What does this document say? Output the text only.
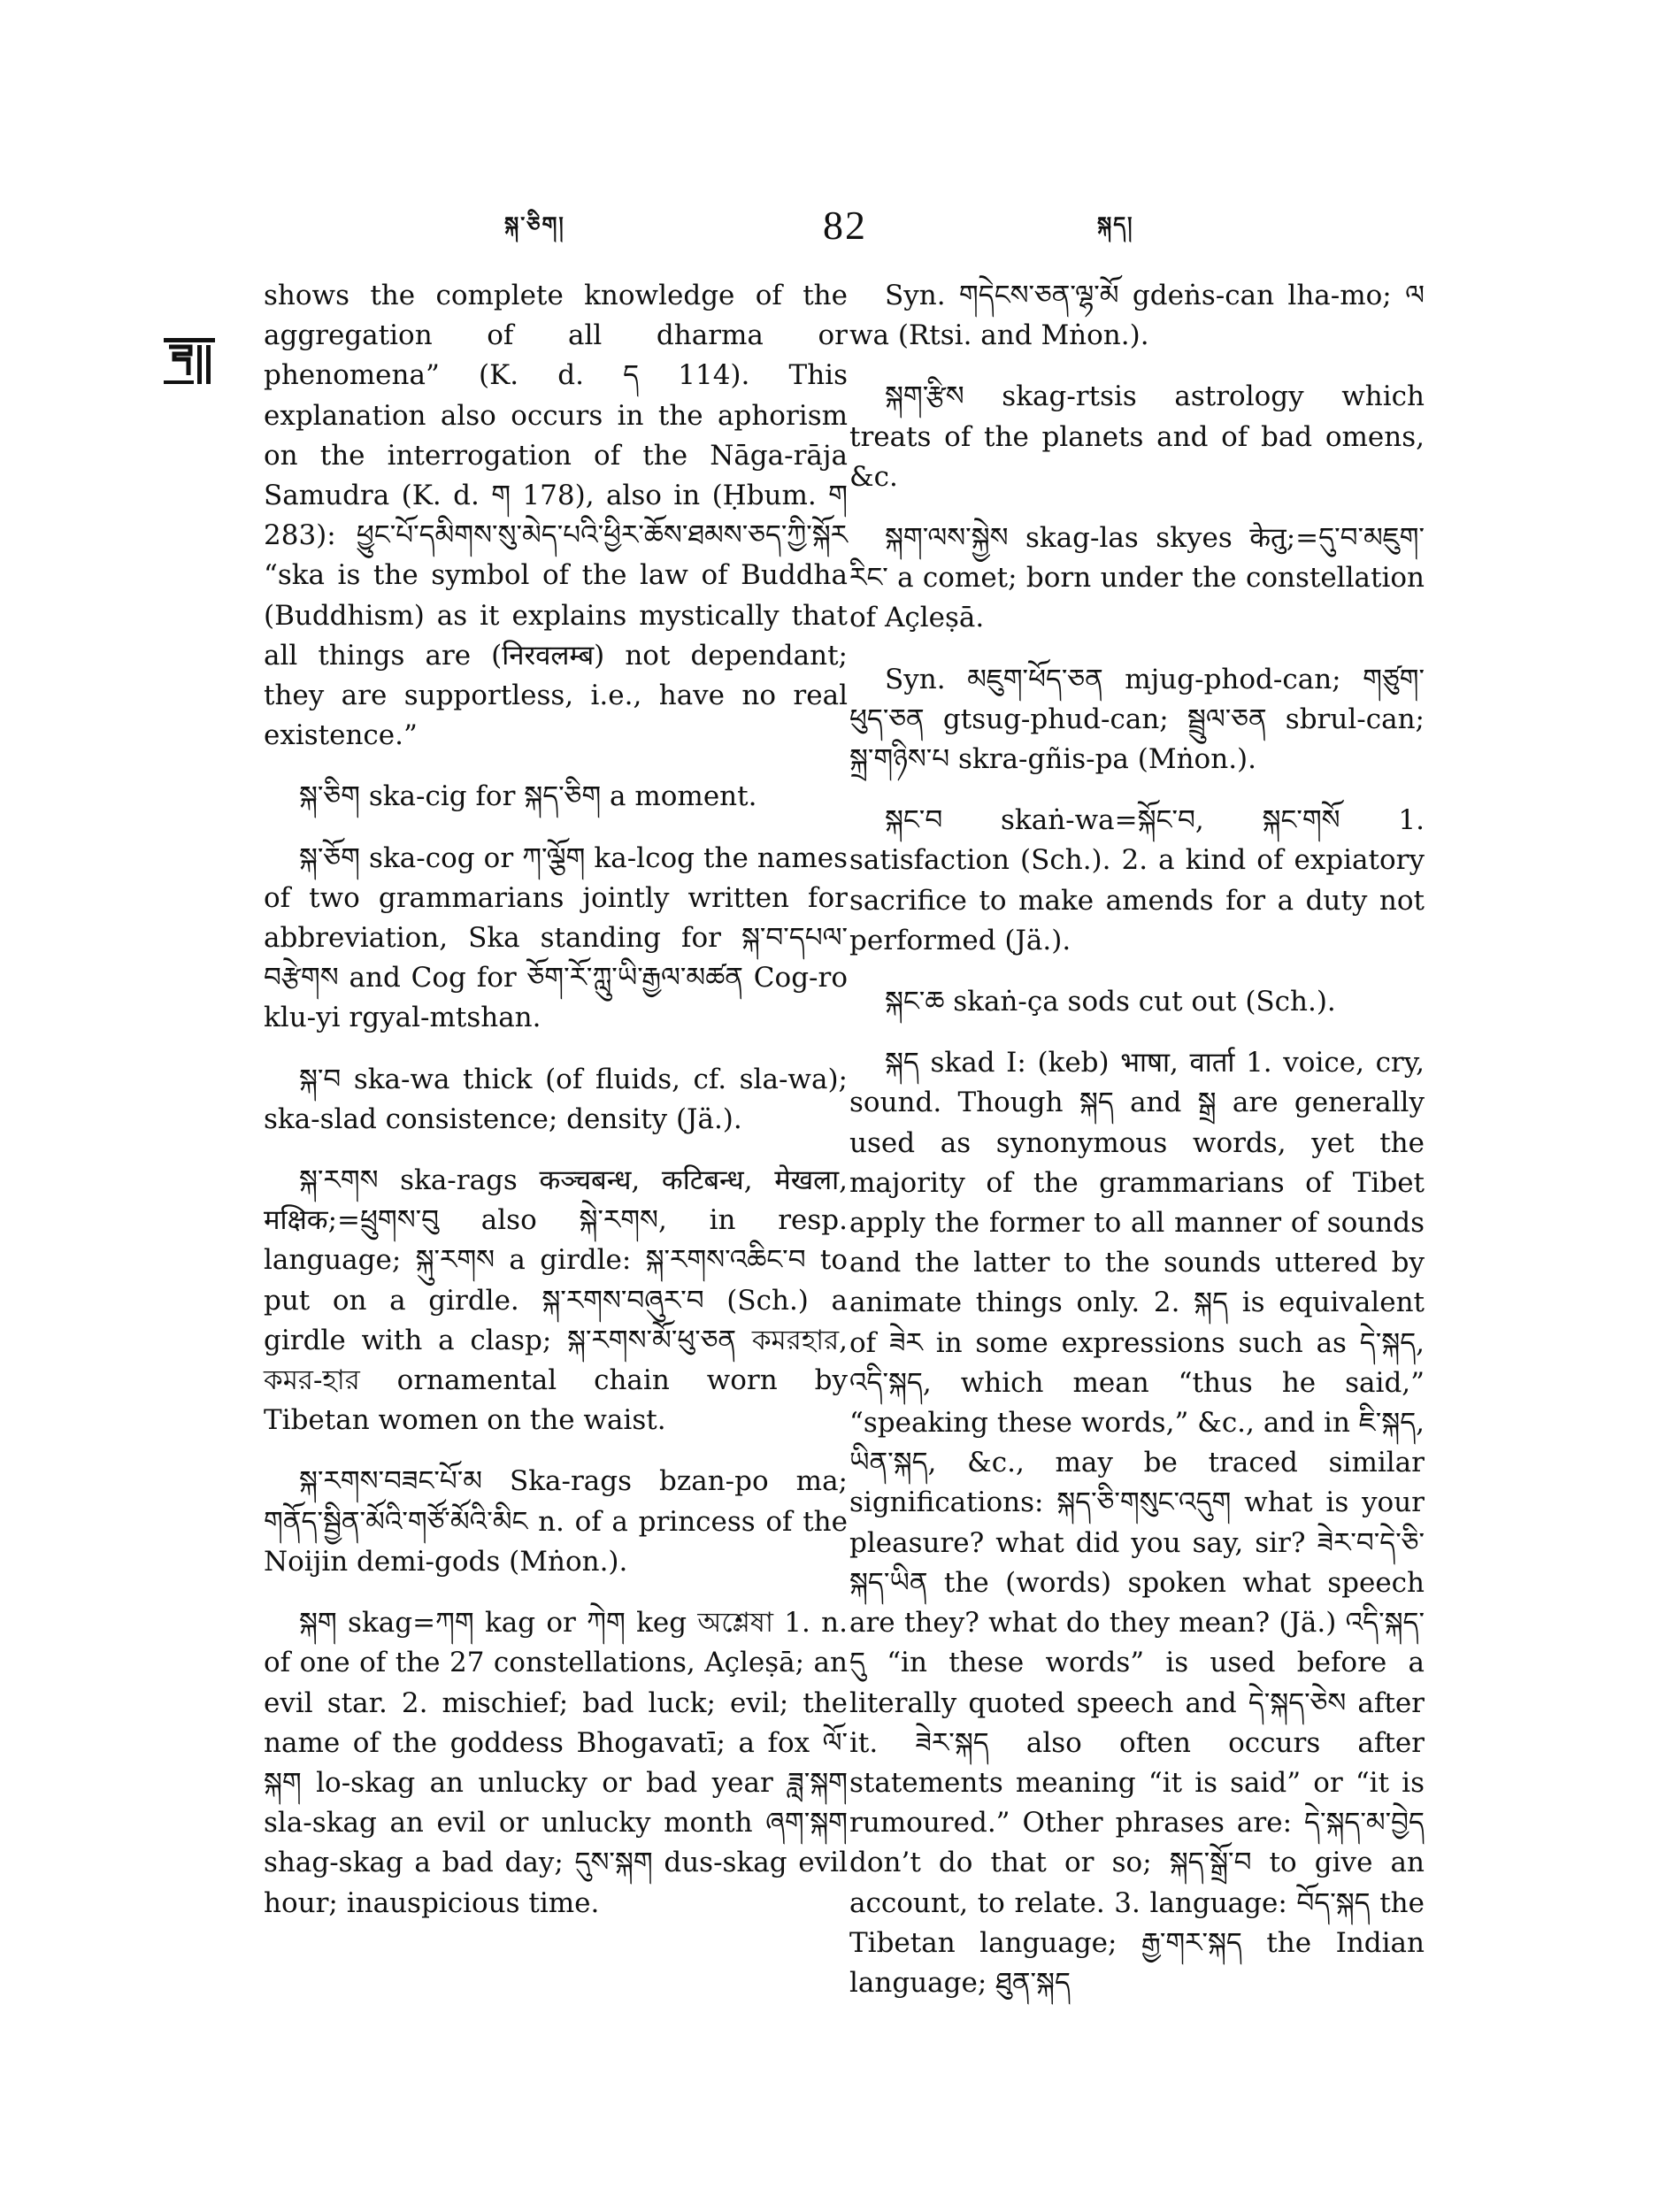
སྐ་ཅིག།	82	སྐད།

shows the complete knowledge of the aggregation of all dharma or phenomena” (K. d. ད 114). This explanation also occurs in the aphorism on the interrogation of the Nāga-rāja Samudra (K. d. ག 178), also in (Ḥbum. ག 283): ཕྱུང་པོ་དམིགས་སུ་མེད་པའི་ཕྱིར་ཆོས་ཐམས་ཅད་ཀྱི་སྐོར “ska is the symbol of the law of Buddha (Buddhism) as it explains mystically that all things are (निरवलम्ब) not dependant; they are supportless, i.e., have no real existence.”

སྐ་ཅིག ska-cig for སྐད་ཅིག a moment.

སྐ་ཅོག ska-cog or ཀ་ལྕོག ka-lcog the names of two grammarians jointly written for abbreviation, Ska standing for སྐ་བ་དཔལ་བརྩེགས and Cog for ཅོག་རོ་ཀླུ་ཡི་རྒྱལ་མཚན Cog-ro klu-yi rgyal-mtshan.

སྐ་བ ska-wa thick (of fluids, cf. sla-wa); ska-slad consistence; density (Jä.).

སྐ་རགས ska-rags कञ्चबन्ध, कटिबन्ध, मेखला, मक्षिक;=ཕྲུགས་བུ also སྐེ་རགས, in resp. language; སྐུ་རགས a girdle: སྐ་རགས་འཆིང་བ to put on a girdle. སྐ་རགས་བཞུར་བ (Sch.) a girdle with a clasp; སྐ་རགས་མོ་ཕུ་ཅན কমরহার, কমর-হার ornamental chain worn by Tibetan women on the waist.

སྐ་རགས་བཟང་པོ་མ Ska-rags bzan-po ma; གནོད་སྦྱིན་མོའི་གཙོ་མོའི་མིང n. of a princess of the Noijin demi-gods (Mṅon.).

སྐག skag=ཀག kag or ཀེག keg অশ্লেষা 1. n. of one of the 27 constellations, Açleṣā; an evil star. 2. mischief; bad luck; evil; the name of the goddess Bhogavatī; a fox ལོ་སྐག lo-skag an unlucky or bad year ཟླ་སྐག sla-skag an evil or unlucky month ཞག་སྐག shag-skag a bad day; དུས་སྐག dus-skag evil hour; inauspicious time.

Syn. གདེངས་ཅན་ལྷ་མོ gdeṅs-can lha-mo; ལ wa (Rtsi. and Mṅon.).

སྐག་རྩིས skag-rtsis astrology which treats of the planets and of bad omens, &c.

སྐག་ལས་སྐྱེས skag-las skyes केतु;=དུ་བ་མཇུག་རིང་ a comet; born under the constellation of Açleṣā.

Syn. མཇུག་ཕོད་ཅན mjug-phod-can; གཙུག་ཕུད་ཅན gtsug-phud-can; སྦྲུལ་ཅན sbrul-can; སྐྲ་གཉིས་པ skra-gñis-pa (Mṅon.).

སྐང་བ skaṅ-wa=སྐོང་བ, སྐང་གསོ 1. satisfaction (Sch.). 2. a kind of expiatory sacrifice to make amends for a duty not performed (Jä.).

སྐང་ཆ skaṅ-ça sods cut out (Sch.).

སྐད skad I: (keb) भाषा, वार्ता 1. voice, cry, sound. Though སྐད and སྒྲ are generally used as synonymous words, yet the majority of the grammarians of Tibet apply the former to all manner of sounds and the latter to the sounds uttered by animate things only. 2. སྐད is equivalent of ཟེར in some expressions such as དེ་སྐད, འདི་སྐད, which mean “thus he said,” “speaking these words,” &c., and in ཇི་སྐད, ཡིན་སྐད, &c., may be traced similar significations: སྐད་ཅི་གསུང་འདུག what is your pleasure? what did you say, sir? ཟེར་བ་དེ་ཅི་སྐད་ཡིན the (words) spoken what speech are they? what do they mean? (Jä.) འདི་སྐད་དུ “in these words” is used before a literally quoted speech and དེ་སྐད་ཅེས after it. ཟེར་སྐད also often occurs after statements meaning “it is said” or “it is rumoured.” Other phrases are: དེ་སྐད་མ་བྱེད don’t do that or so; སྐད་སྒྲོ་བ to give an account, to relate. 3. language: བོད་སྐད the Tibetan language; རྒྱ་གར་སྐད the Indian language; ཐུན་སྐད
